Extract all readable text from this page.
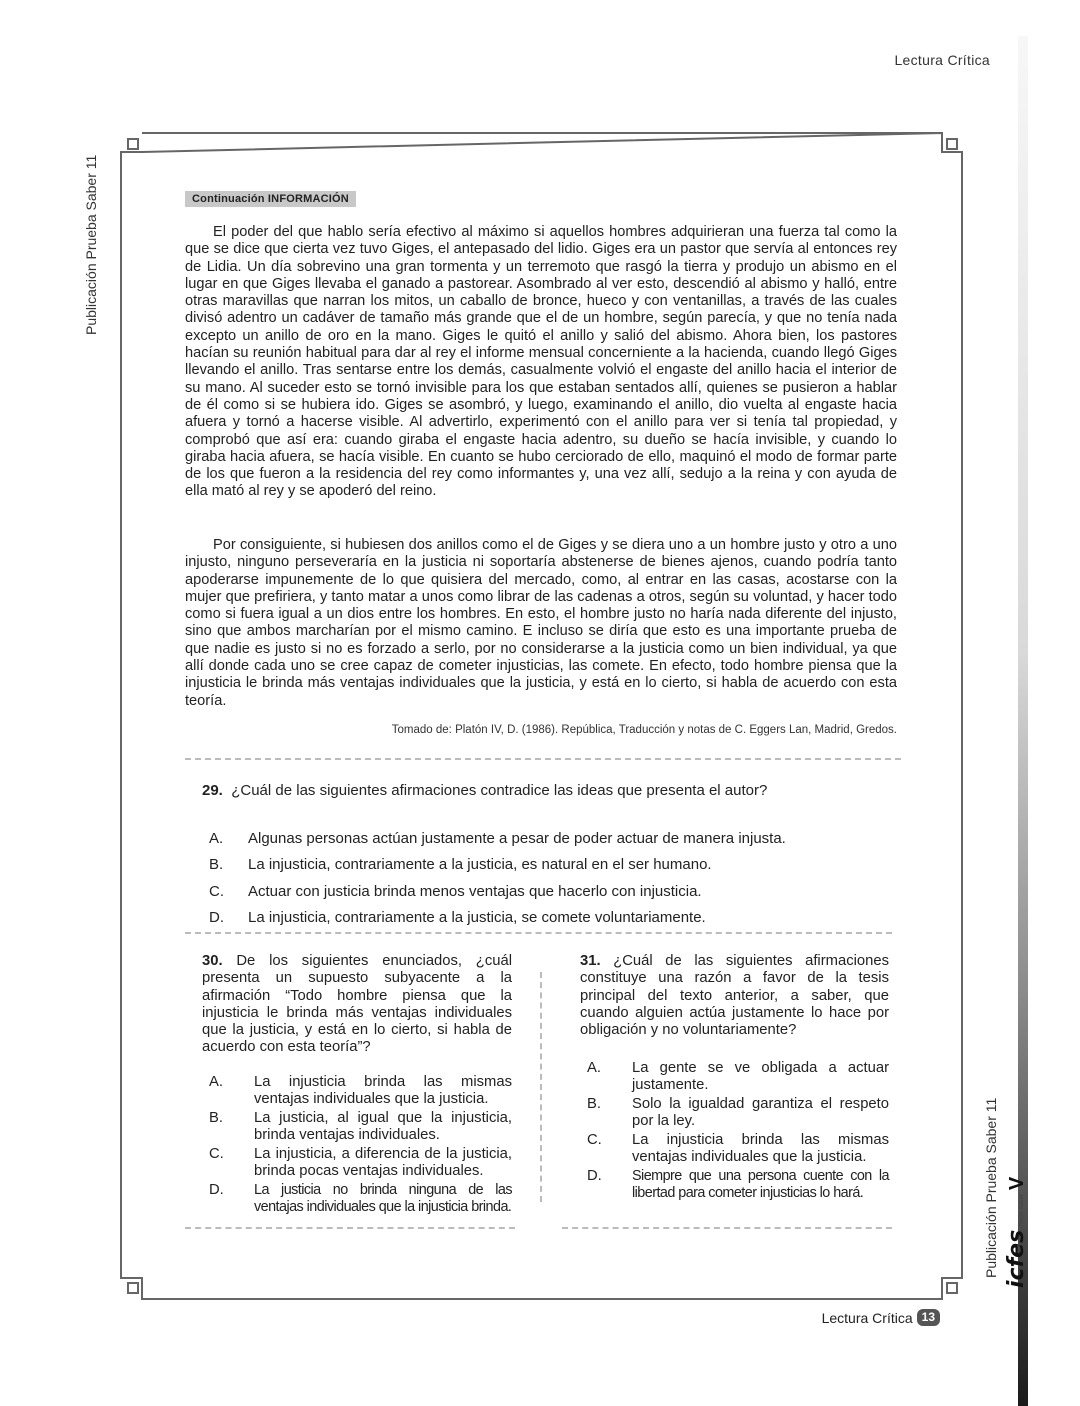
Lectura Crítica
Publicación Prueba Saber 11
Publicación Prueba Saber 11 icfes
mejor saber
V
Continuación INFORMACIÓN

El poder del que hablo sería efectivo al máximo si aquellos hombres adquirieran una fuerza tal como la que se dice que cierta vez tuvo Giges, el antepasado del lidio. Giges era un pastor que servía al entonces rey de Lidia. Un día sobrevino una gran tormenta y un terremoto que rasgó la tierra y produjo un abismo en el lugar en que Giges llevaba el ganado a pastorear. Asombrado al ver esto, descendió al abismo y halló, entre otras maravillas que narran los mitos, un caballo de bronce, hueco y con ventanillas, a través de las cuales divisó adentro un cadáver de tamaño más grande que el de un hombre, según parecía, y que no tenía nada excepto un anillo de oro en la mano. Giges le quitó el anillo y salió del abismo. Ahora bien, los pastores hacían su reunión habitual para dar al rey el informe mensual concerniente a la hacienda, cuando llegó Giges llevando el anillo. Tras sentarse entre los demás, casualmente volvió el engaste del anillo hacia el interior de su mano. Al suceder esto se tornó invisible para los que estaban sentados allí, quienes se pusieron a hablar de él como si se hubiera ido. Giges se asombró, y luego, examinando el anillo, dio vuelta al engaste hacia afuera y tornó a hacerse visible. Al advertirlo, experimentó con el anillo para ver si tenía tal propiedad, y comprobó que así era: cuando giraba el engaste hacia adentro, su dueño se hacía invisible, y cuando lo giraba hacia afuera, se hacía visible. En cuanto se hubo cerciorado de ello, maquinó el modo de formar parte de los que fueron a la residencia del rey como informantes y, una vez allí, sedujo a la reina y con ayuda de ella mató al rey y se apoderó del reino.

Por consiguiente, si hubiesen dos anillos como el de Giges y se diera uno a un hombre justo y otro a uno injusto, ninguno perseveraría en la justicia ni soportaría abstenerse de bienes ajenos, cuando podría tanto apoderarse impunemente de lo que quisiera del mercado, como, al entrar en las casas, acostarse con la mujer que prefiriera, y tanto matar a unos como librar de las cadenas a otros, según su voluntad, y hacer todo como si fuera igual a un dios entre los hombres. En esto, el hombre justo no haría nada diferente del injusto, sino que ambos marcharían por el mismo camino. E incluso se diría que esto es una importante prueba de que nadie es justo si no es forzado a serlo, por no considerarse a la justicia como un bien individual, ya que allí donde cada uno se cree capaz de cometer injusticias, las comete. En efecto, todo hombre piensa que la injusticia le brinda más ventajas individuales que la justicia, y está en lo cierto, si habla de acuerdo con esta teoría.

Tomado de: Platón IV, D. (1986). República, Traducción y notas de C. Eggers Lan, Madrid, Gredos.

29. ¿Cuál de las siguientes afirmaciones contradice las ideas que presenta el autor?

A.	Algunas personas actúan justamente a pesar de poder actuar de manera injusta.
B.	La injusticia, contrariamente a la justicia, es natural en el ser humano.
C.	Actuar con justicia brinda menos ventajas que hacerlo con injusticia.
D.	La injusticia, contrariamente a la justicia, se comete voluntariamente.

30. De los siguientes enunciados, ¿cuál presenta un supuesto subyacente a la afirmación “Todo hombre piensa que la injusticia le brinda más ventajas individuales que la justicia, y está en lo cierto, si habla de acuerdo con esta teoría”?

A.	La injusticia brinda las mismas ventajas individuales que la justicia.
B.	La justicia, al igual que la injusticia, brinda ventajas individuales.
C.	La injusticia, a diferencia de la justicia, brinda pocas ventajas individuales.
D.	La justicia no brinda ninguna de las ventajas individuales que la injusticia brinda.

31. ¿Cuál de las siguientes afirmaciones constituye una razón a favor de la tesis principal del texto anterior, a saber, que cuando alguien actúa justamente lo hace por obligación y no voluntariamente?

A.	La gente se ve obligada a actuar justamente.
B.	Solo la igualdad garantiza el respeto por la ley.
C.	La injusticia brinda las mismas ventajas individuales que la justicia.
D.	Siempre que una persona cuente con la libertad para cometer injusticias lo hará.
Lectura Crítica 13
